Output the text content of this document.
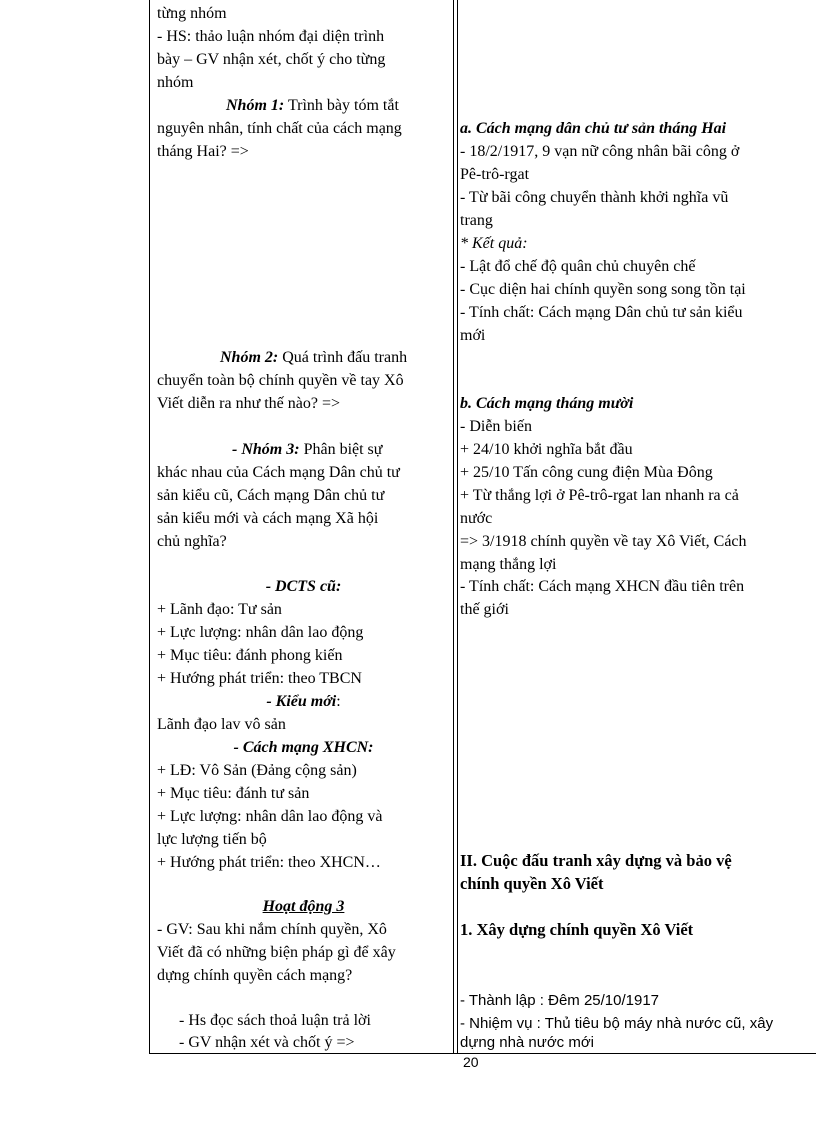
từng nhóm
- HS: thảo luận nhóm đại diện trình
bày – GV nhận xét, chốt ý cho từng
nhóm
Nhóm 1: Trình bày tóm tắt
nguyên nhân, tính chất của cách mạng
tháng Hai? =>
Nhóm 2: Quá trình đấu tranh
chuyển toàn bộ chính quyền về tay Xô
Viết diễn ra như thế nào? =>
- Nhóm 3: Phân biệt sự
khác nhau của Cách mạng Dân chủ tư
sản kiểu cũ, Cách mạng Dân chủ tư
sản kiểu mới và cách mạng Xã hội
chủ nghĩa?
- DCTS cũ:
+ Lãnh đạo: Tư sản
+ Lực lượng: nhân dân lao động
+ Mục tiêu: đánh phong kiến
+ Hướng phát triển: theo TBCN
- Kiểu mới:
Lãnh đạo lav vô sản
- Cách mạng XHCN:
+ LĐ: Vô Sản (Đảng cộng sản)
+ Mục tiêu: đánh tư sản
+ Lực lượng: nhân dân lao động và
lực lượng tiến bộ
+ Hướng phát triển: theo XHCN…
Hoạt động 3
- GV: Sau khi nắm chính quyền, Xô
Viết đã có những biện pháp gì để xây
dựng chính quyền cách mạng?
- Hs đọc sách thoả luận trả lời
- GV nhận xét và chốt ý =>
a. Cách mạng dân chủ tư sản tháng Hai
- 18/2/1917, 9 vạn nữ công nhân bãi công ở
Pê-trô-rgat
- Từ bãi công chuyển thành khởi nghĩa vũ
trang
* Kết quả:
- Lật đổ chế độ quân chủ chuyên chế
- Cục diện hai chính quyền song song tồn tại
- Tính chất: Cách mạng Dân chủ tư sản kiểu
mới
b. Cách mạng tháng mười
- Diễn biến
+ 24/10 khởi nghĩa bắt đầu
+ 25/10 Tấn công cung điện Mùa Đông
+ Từ thắng lợi ở Pê-trô-rgat lan nhanh ra cả
nước
=> 3/1918 chính quyền về tay Xô Viết, Cách
mạng thắng lợi
- Tính chất: Cách mạng XHCN đầu tiên trên
thế giới
II. Cuộc đấu tranh xây dựng và bảo vệ
chính quyền Xô Viết
1. Xây dựng chính quyền Xô Viết
- Thành lập : Đêm 25/10/1917
- Nhiệm vụ : Thủ tiêu bộ máy nhà nước cũ, xây
dựng nhà nước mới
20
